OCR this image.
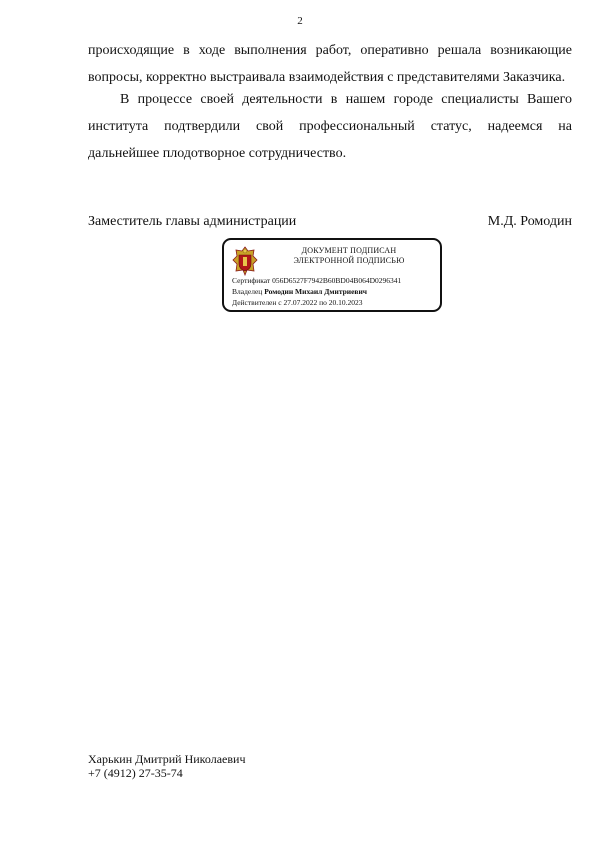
2
происходящие в ходе выполнения работ, оперативно решала возникающие
вопросы, корректно выстраивала взаимодействия с представителями Заказчика.
В процессе своей деятельности в нашем городе специалисты Вашего
института подтвердили свой профессиональный статус, надеемся на
дальнейшее плодотворное сотрудничество.
Заместитель главы администрации	М.Д. Ромодин
ДОКУМЕНТ ПОДПИСАН
ЭЛЕКТРОННОЙ ПОДПИСЬЮ
Сертификат 056D6527F7942B60BD04B064D0296341
Владелец Ромодин Михаил Дмитриевич
Действителен с 27.07.2022 по 20.10.2023
Харькин Дмитрий Николаевич
+7 (4912) 27-35-74
